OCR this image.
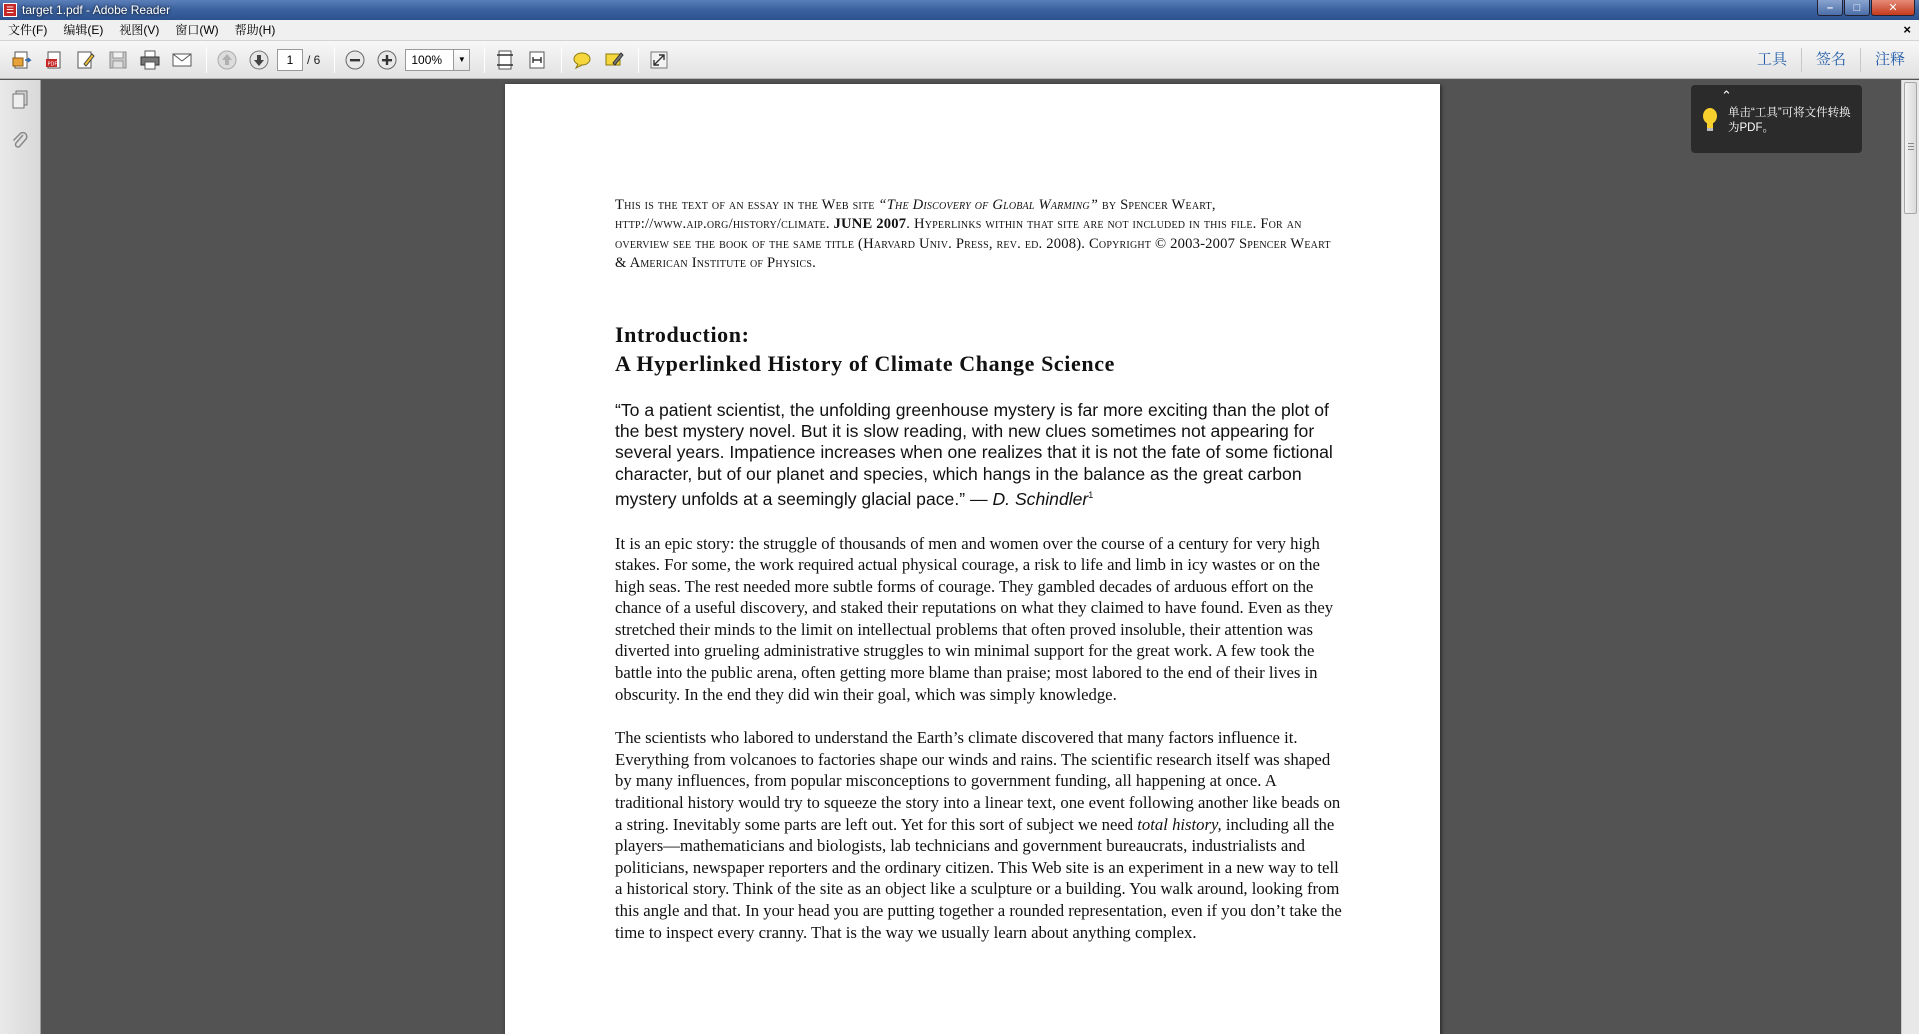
☰ target 1.pdf - Adobe Reader	–	□	✕
文件(F)	编辑(E)	视图(V)	窗口(W)	帮助(H)	×
PDF	1	/ 6	100%	▼	工具	签名	注释

This is the text of an essay in the Web site “The Discovery of Global Warming” by Spencer Weart, http://www.aip.org/history/climate. JUNE 2007. Hyperlinks within that site are not included in this file. For an overview see the book of the same title (Harvard Univ. Press, rev. ed. 2008). Copyright © 2003-2007 Spencer Weart & American Institute of Physics.

Introduction:
A Hyperlinked History of Climate Change Science

“To a patient scientist, the unfolding greenhouse mystery is far more exciting than the plot of the best mystery novel. But it is slow reading, with new clues sometimes not appearing for several years. Impatience increases when one realizes that it is not the fate of some fictional character, but of our planet and species, which hangs in the balance as the great carbon mystery unfolds at a seemingly glacial pace.” — D. Schindler$^1$

It is an epic story: the struggle of thousands of men and women over the course of a century for very high stakes. For some, the work required actual physical courage, a risk to life and limb in icy wastes or on the high seas. The rest needed more subtle forms of courage. They gambled decades of arduous effort on the chance of a useful discovery, and staked their reputations on what they claimed to have found. Even as they stretched their minds to the limit on intellectual problems that often proved insoluble, their attention was diverted into grueling administrative struggles to win minimal support for the great work. A few took the battle into the public arena, often getting more blame than praise; most labored to the end of their lives in obscurity. In the end they did win their goal, which was simply knowledge.

The scientists who labored to understand the Earth’s climate discovered that many factors influence it. Everything from volcanoes to factories shape our winds and rains. The scientific research itself was shaped by many influences, from popular misconceptions to government funding, all happening at once. A traditional history would try to squeeze the story into a linear text, one event following another like beads on a string. Inevitably some parts are left out. Yet for this sort of subject we need total history, including all the players—mathematicians and biologists, lab technicians and government bureaucrats, industrialists and politicians, newspaper reporters and the ordinary citizen. This Web site is an experiment in a new way to tell a historical story. Think of the site as an object like a sculpture or a building. You walk around, looking from this angle and that. In your head you are putting together a rounded representation, even if you don’t take the time to inspect every cranny. That is the way we usually learn about anything complex.

⌃
单击“工具”可将文件转换为PDF。
